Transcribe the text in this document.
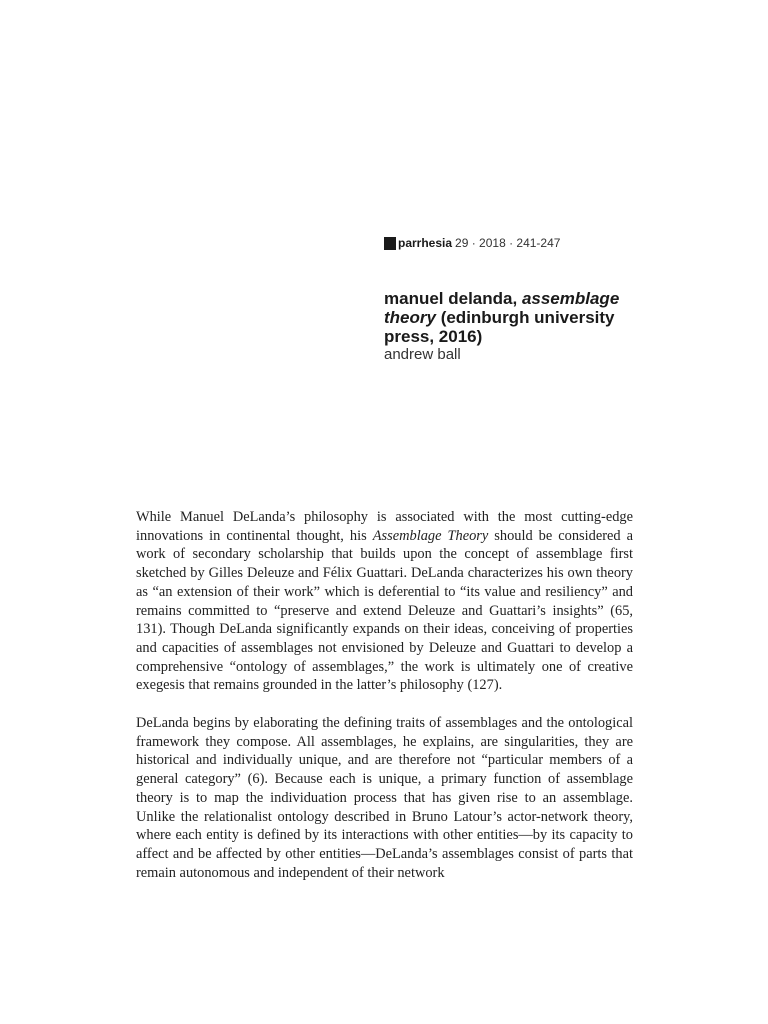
parrhesia 29 · 2018 · 241-247
manuel delanda, assemblage theory (edinburgh university press, 2016)
andrew ball

While Manuel DeLanda’s philosophy is associated with the most cutting-edge innovations in continental thought, his Assemblage Theory should be considered a work of secondary scholarship that builds upon the concept of assemblage first sketched by Gilles Deleuze and Félix Guattari. DeLanda characterizes his own theory as “an extension of their work” which is deferential to “its value and resiliency” and remains committed to “preserve and extend Deleuze and Guattari’s insights” (65, 131). Though DeLanda significantly expands on their ideas, conceiving of properties and capacities of assemblages not envisioned by Deleuze and Guattari to develop a comprehensive “ontology of assemblages,” the work is ultimately one of creative exegesis that remains grounded in the latter’s philosophy (127).

DeLanda begins by elaborating the defining traits of assemblages and the ontological framework they compose. All assemblages, he explains, are singularities, they are historical and individually unique, and are therefore not “particular members of a general category” (6). Because each is unique, a primary function of assemblage theory is to map the individuation process that has given rise to an assemblage. Unlike the relationalist ontology described in Bruno Latour’s actor-network theory, where each entity is defined by its interactions with other entities—by its capacity to affect and be affected by other entities—DeLanda’s assemblages consist of parts that remain autonomous and independent of their network
